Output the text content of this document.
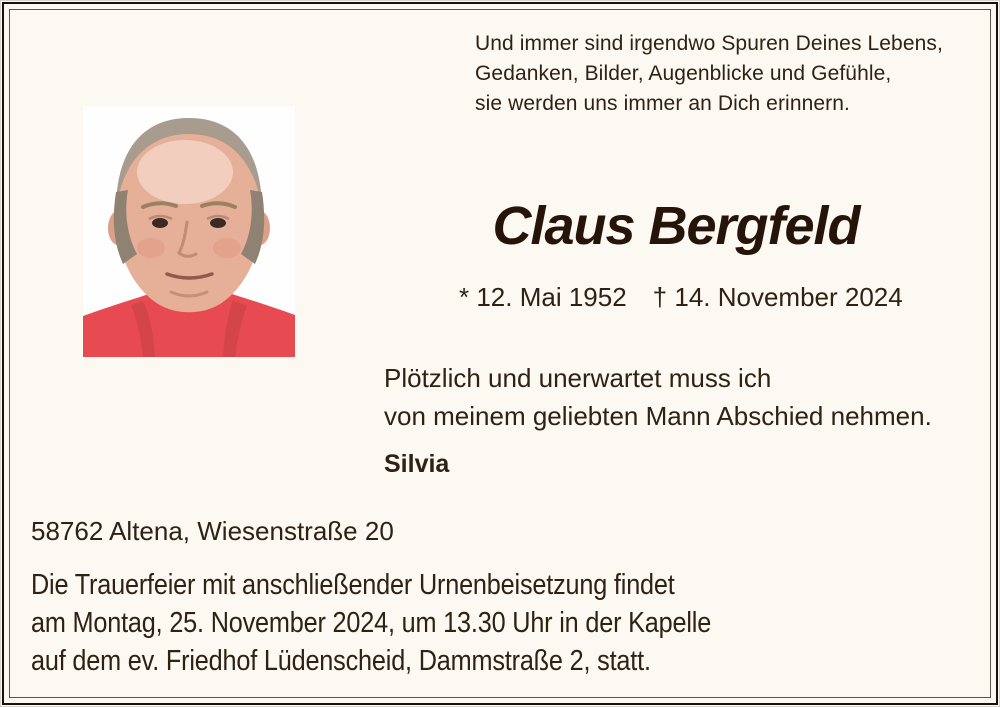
Und immer sind irgendwo Spuren Deines Lebens,
Gedanken, Bilder, Augenblicke und Gefühle,
sie werden uns immer an Dich erinnern.
Claus Bergfeld
* 12. Mai 1952 † 14. November 2024
Plötzlich und unerwartet muss ich
von meinem geliebten Mann Abschied nehmen.
Silvia
58762 Altena, Wiesenstraße 20
Die Trauerfeier mit anschließender Urnenbeisetzung findet
am Montag, 25. November 2024, um 13.30 Uhr in der Kapelle
auf dem ev. Friedhof Lüdenscheid, Dammstraße 2, statt.
